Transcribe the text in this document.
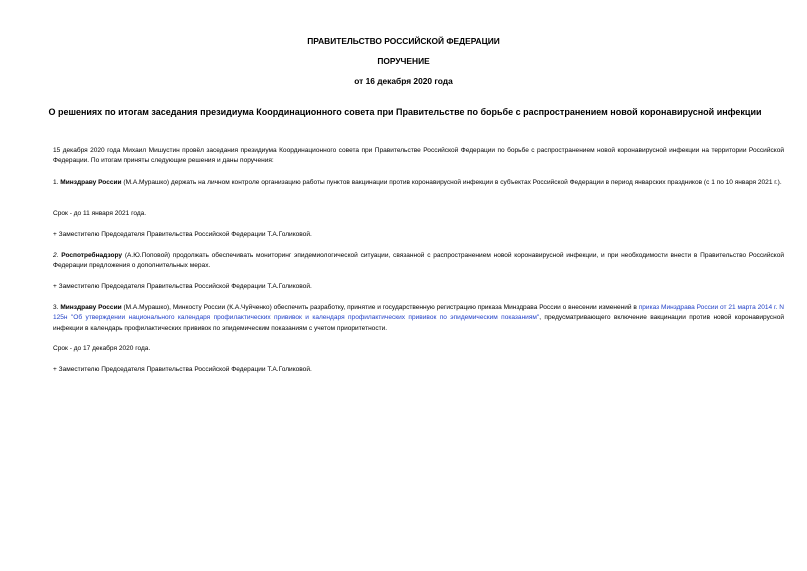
ПРАВИТЕЛЬСТВО РОССИЙСКОЙ ФЕДЕРАЦИИ

ПОРУЧЕНИЕ

от 16 декабря 2020 года

О решениях по итогам заседания президиума Координационного совета при Правительстве по борьбе с распространением новой коронавирусной инфекции

15 декабря 2020 года Михаил Мишустин провёл заседания президиума Координационного совета при Правительстве Российской Федерации по борьбе с распространением новой коронавирусной инфекции на территории Российской Федерации. По итогам приняты следующие решения и даны поручения:

1. Минздраву России (М.А.Мурашко) держать на личном контроле организацию работы пунктов вакцинации против коронавирусной инфекции в субъектах Российской Федерации в период январских праздников (с 1 по 10 января 2021 г.).

Срок - до 11 января 2021 года.

+ Заместителю Председателя Правительства Российской Федерации Т.А.Голиковой.

2. Роспотребнадзору (А.Ю.Поповой) продолжать обеспечивать мониторинг эпидемиологической ситуации, связанной с распространением новой коронавирусной инфекции, и при необходимости внести в Правительство Российской Федерации предложения о дополнительных мерах.

+ Заместителю Председателя Правительства Российской Федерации Т.А.Голиковой.

3. Минздраву России (М.А.Мурашко), Минкосту России (К.А.Чуйченко) обеспечить разработку, принятие и государственную регистрацию приказа Минздрава России о внесении изменений в приказ Минздрава России от 21 марта 2014 г. N 125н "Об утверждении национального календаря профилактических прививок и календаря профилактических прививок по эпидемическим показаниям", предусматривающего включение вакцинации против новой коронавирусной инфекции в календарь профилактических прививок по эпидемическим показаниям с учетом приоритетности.

Срок - до 17 декабря 2020 года.

+ Заместителю Председателя Правительства Российской Федерации Т.А.Голиковой.
